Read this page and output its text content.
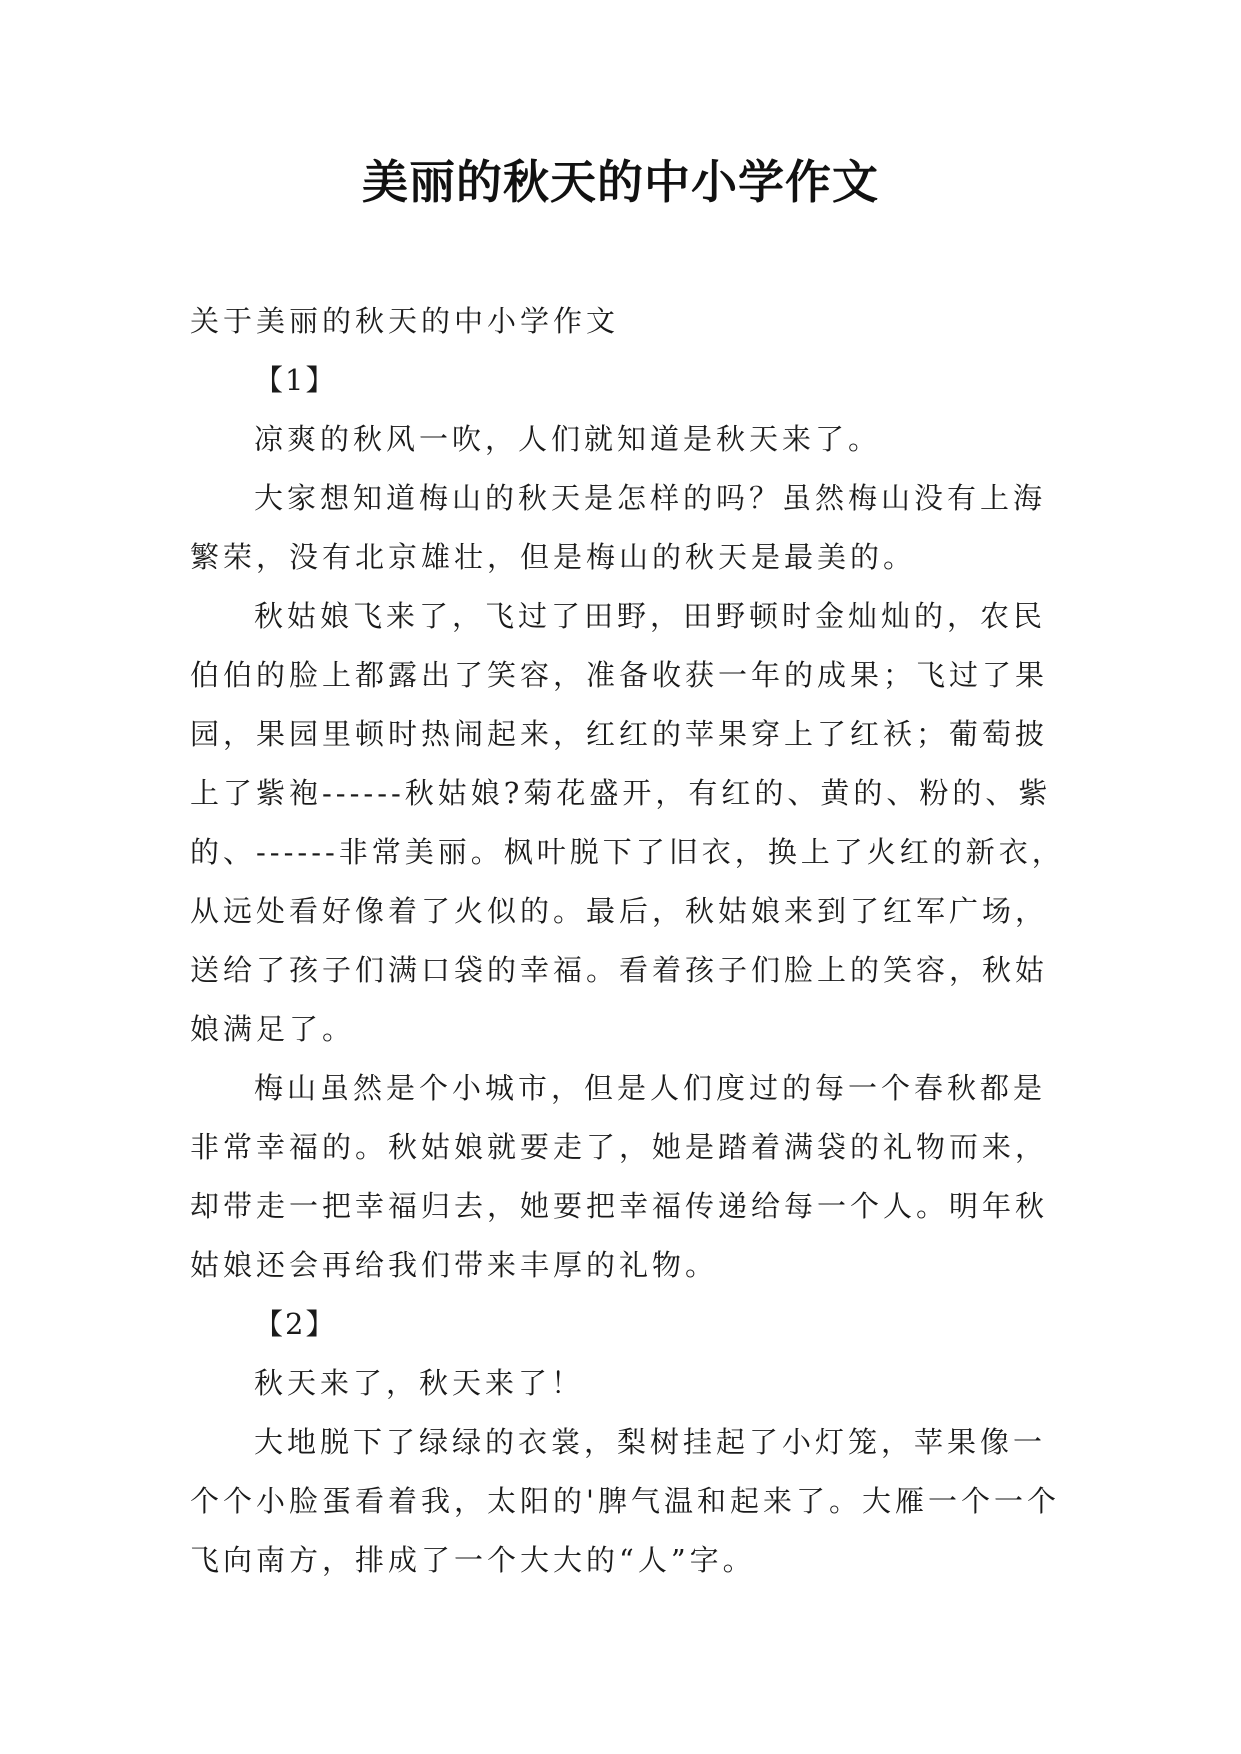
美丽的秋天的中小学作文

关于美丽的秋天的中小学作文

【1】

凉爽的秋风一吹，人们就知道是秋天来了。

大家想知道梅山的秋天是怎样的吗？虽然梅山没有上海繁荣，没有北京雄壮，但是梅山的秋天是最美的。

秋姑娘飞来了，飞过了田野，田野顿时金灿灿的，农民伯伯的脸上都露出了笑容，准备收获一年的成果；飞过了果园，果园里顿时热闹起来，红红的苹果穿上了红袄；葡萄披上了紫袍------秋姑娘?菊花盛开，有红的、黄的、粉的、紫的、------非常美丽。枫叶脱下了旧衣，换上了火红的新衣，从远处看好像着了火似的。最后，秋姑娘来到了红军广场，送给了孩子们满口袋的幸福。看着孩子们脸上的笑容，秋姑娘满足了。

梅山虽然是个小城市，但是人们度过的每一个春秋都是非常幸福的。秋姑娘就要走了，她是踏着满袋的礼物而来，却带走一把幸福归去，她要把幸福传递给每一个人。明年秋姑娘还会再给我们带来丰厚的礼物。

【2】

秋天来了，秋天来了！

大地脱下了绿绿的衣裳，梨树挂起了小灯笼，苹果像一个个小脸蛋看着我，太阳的'脾气温和起来了。大雁一个一个飞向南方，排成了一个大大的“人”字。
